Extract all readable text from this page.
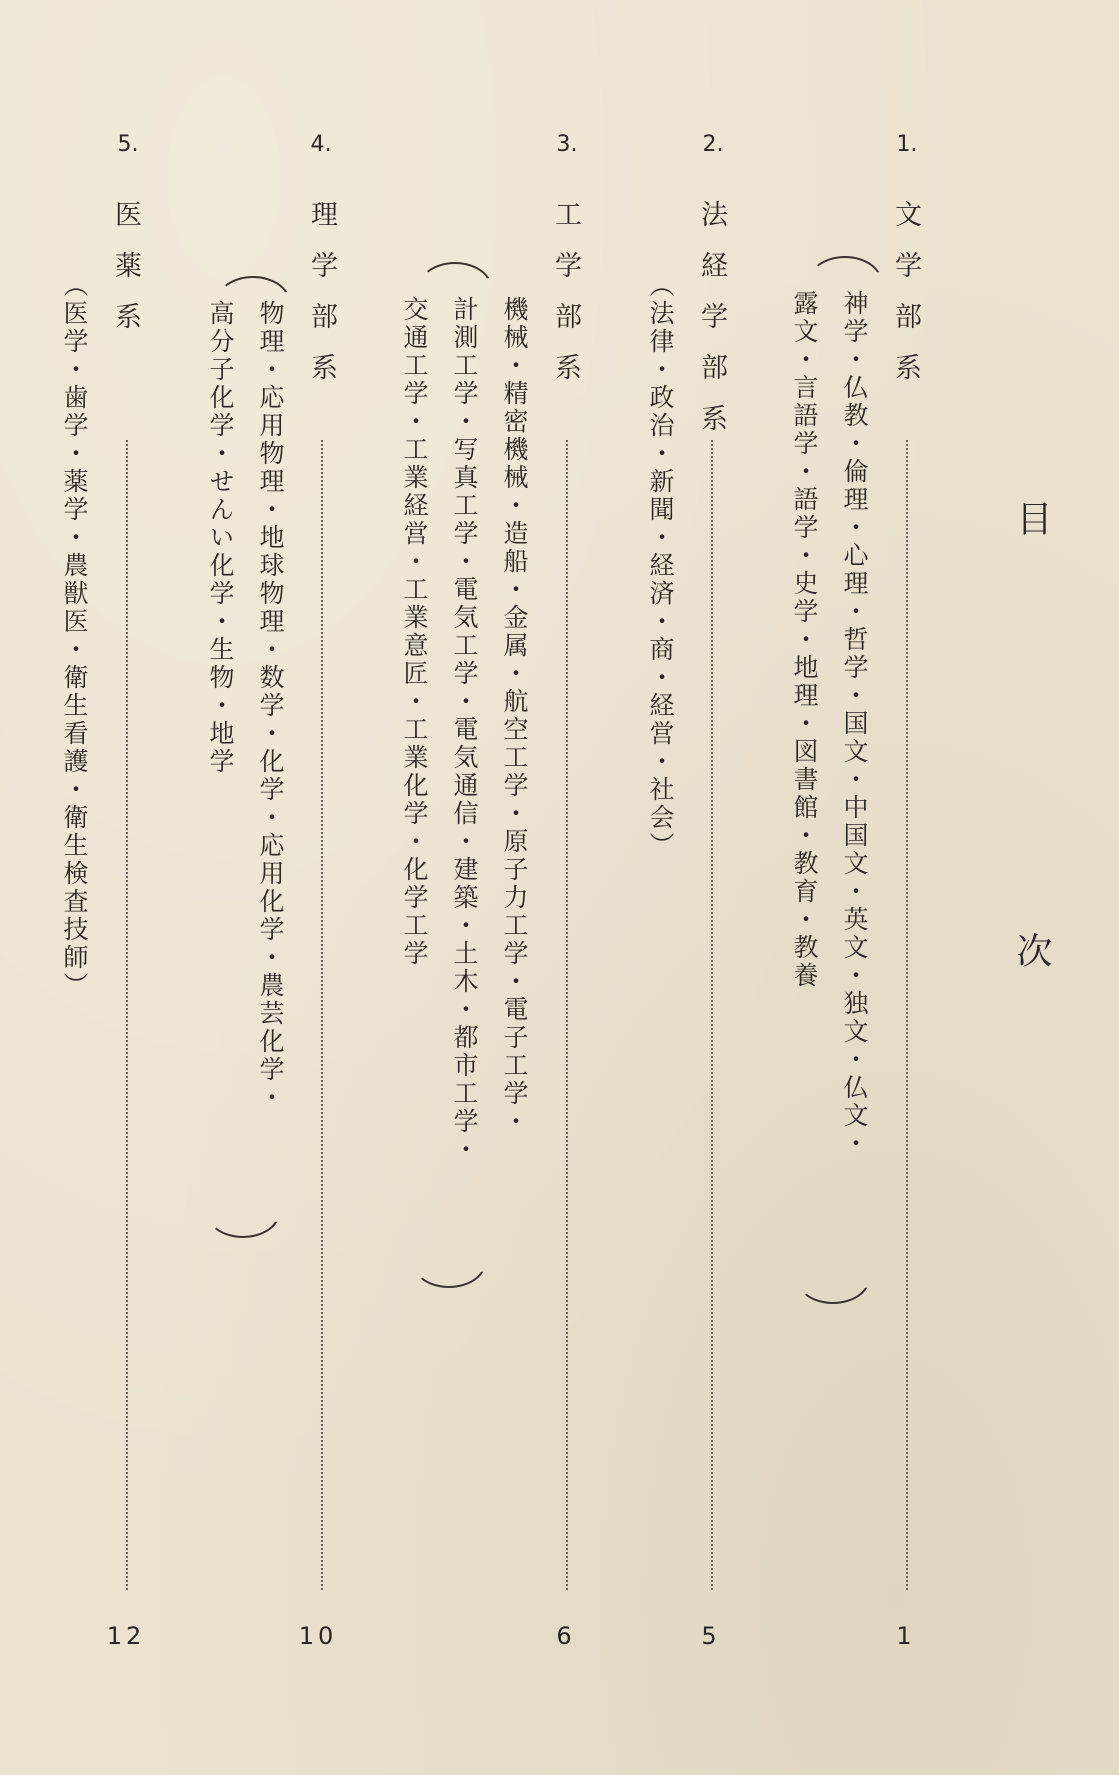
目　次
1.
文学部系
1
神学・仏教・倫理・心理・哲学・国文・中国文・英文・独文・仏文・
露文・言語学・語学・史学・地理・図書館・教育・教養
2.
法経学部系
5
（法律・政治・新聞・経済・商・経営・社会）
3.
工学部系
6
機械・精密機械・造船・金属・航空工学・原子力工学・電子工学・
計測工学・写真工学・電気工学・電気通信・建築・土木・都市工学・
交通工学・工業経営・工業意匠・工業化学・化学工学
4.
理学部系
10
物理・応用物理・地球物理・数学・化学・応用化学・農芸化学・
高分子化学・せんい化学・生物・地学
5.
医薬系
12
（医学・歯学・薬学・農獣医・衛生看護・衛生検査技師）
